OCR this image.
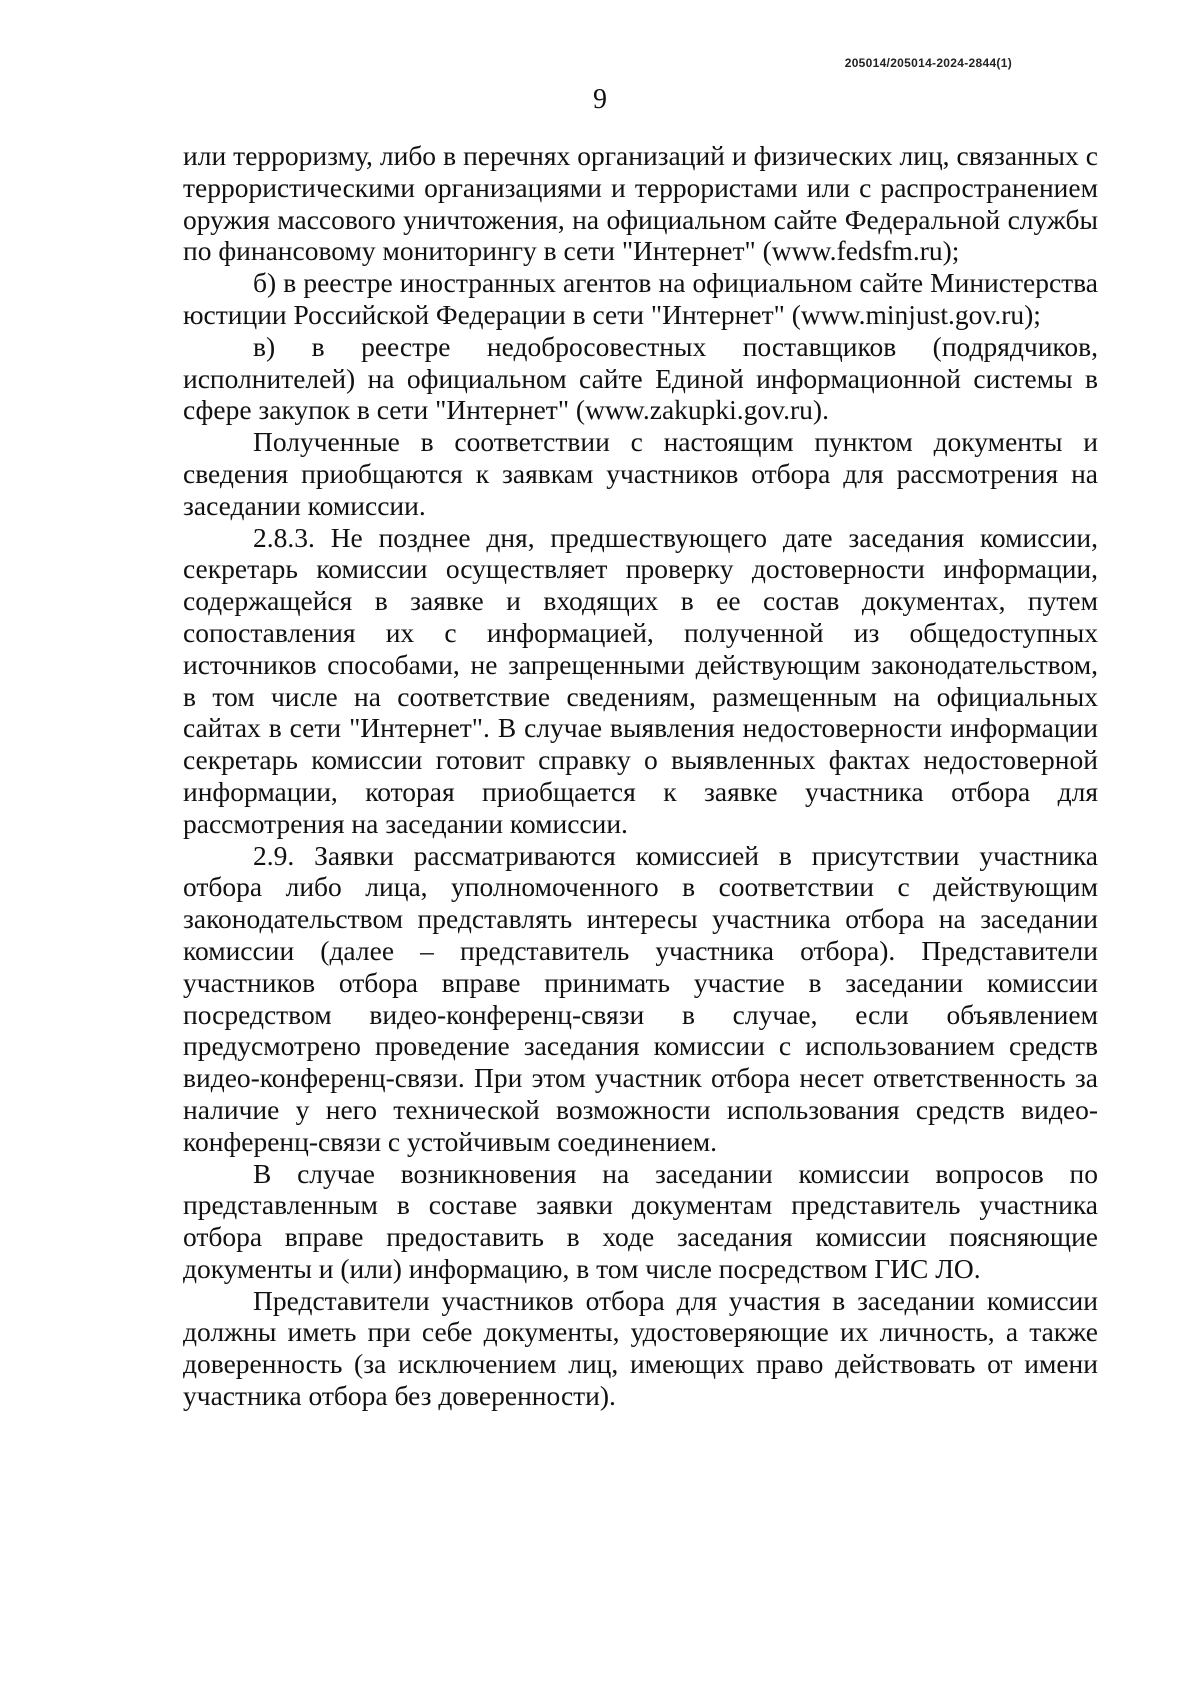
205014/205014-2024-2844(1)
9

или терроризму, либо в перечнях организаций и физических лиц, связанных с террористическими организациями и террористами или с распространением оружия массового уничтожения, на официальном сайте Федеральной службы по финансовому мониторингу в сети "Интернет" (www.fedsfm.ru);

б) в реестре иностранных агентов на официальном сайте Министерства юстиции Российской Федерации в сети "Интернет" (www.minjust.gov.ru);

в) в реестре недобросовестных поставщиков (подрядчиков, исполнителей) на официальном сайте Единой информационной системы в сфере закупок в сети "Интернет" (www.zakupki.gov.ru).

Полученные в соответствии с настоящим пунктом документы и сведения приобщаются к заявкам участников отбора для рассмотрения на заседании комиссии.

2.8.3. Не позднее дня, предшествующего дате заседания комиссии, секретарь комиссии осуществляет проверку достоверности информации, содержащейся в заявке и входящих в ее состав документах, путем сопоставления их с информацией, полученной из общедоступных источников способами, не запрещенными действующим законодательством, в том числе на соответствие сведениям, размещенным на официальных сайтах в сети "Интернет". В случае выявления недостоверности информации секретарь комиссии готовит справку о выявленных фактах недостоверной информации, которая приобщается к заявке участника отбора для рассмотрения на заседании комиссии.

2.9. Заявки рассматриваются комиссией в присутствии участника отбора либо лица, уполномоченного в соответствии с действующим законодательством представлять интересы участника отбора на заседании комиссии (далее – представитель участника отбора). Представители участников отбора вправе принимать участие в заседании комиссии посредством видео-конференц-связи в случае, если объявлением предусмотрено проведение заседания комиссии с использованием средств видео-конференц-связи. При этом участник отбора несет ответственность за наличие у него технической возможности использования средств видео-конференц-связи с устойчивым соединением.

В случае возникновения на заседании комиссии вопросов по представленным в составе заявки документам представитель участника отбора вправе предоставить в ходе заседания комиссии поясняющие документы и (или) информацию, в том числе посредством ГИС ЛО.

Представители участников отбора для участия в заседании комиссии должны иметь при себе документы, удостоверяющие их личность, а также доверенность (за исключением лиц, имеющих право действовать от имени участника отбора без доверенности).
